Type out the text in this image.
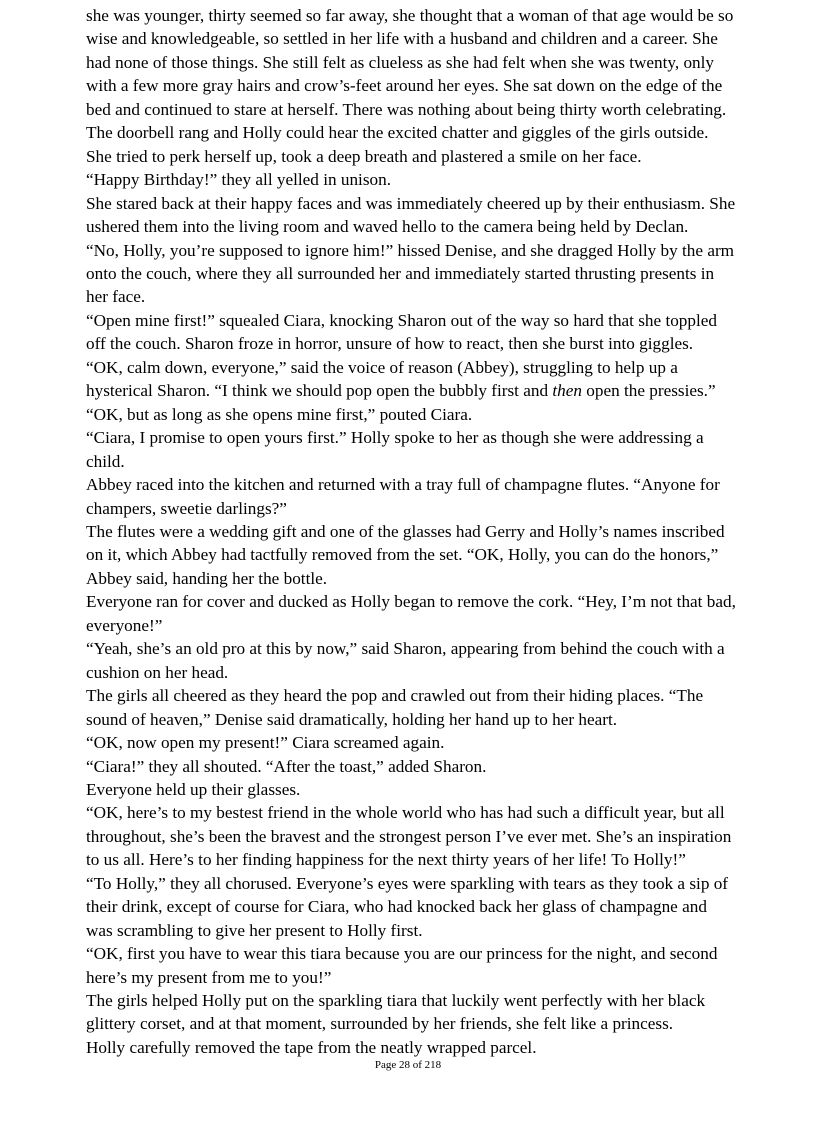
she was younger, thirty seemed so far away, she thought that a woman of that age would be so wise and knowledgeable, so settled in her life with a husband and children and a career. She had none of those things. She still felt as clueless as she had felt when she was twenty, only with a few more gray hairs and crow’s-feet around her eyes. She sat down on the edge of the bed and continued to stare at herself. There was nothing about being thirty worth celebrating.

The doorbell rang and Holly could hear the excited chatter and giggles of the girls outside. She tried to perk herself up, took a deep breath and plastered a smile on her face.

“Happy Birthday!” they all yelled in unison.

She stared back at their happy faces and was immediately cheered up by their enthusiasm. She ushered them into the living room and waved hello to the camera being held by Declan.

“No, Holly, you’re supposed to ignore him!” hissed Denise, and she dragged Holly by the arm onto the couch, where they all surrounded her and immediately started thrusting presents in her face.

“Open mine first!” squealed Ciara, knocking Sharon out of the way so hard that she toppled off the couch. Sharon froze in horror, unsure of how to react, then she burst into giggles.

“OK, calm down, everyone,” said the voice of reason (Abbey), struggling to help up a hysterical Sharon. “I think we should pop open the bubbly first and then open the pressies.”

“OK, but as long as she opens mine first,” pouted Ciara.

“Ciara, I promise to open yours first.” Holly spoke to her as though she were addressing a child.

Abbey raced into the kitchen and returned with a tray full of champagne flutes. “Anyone for champers, sweetie darlings?”

The flutes were a wedding gift and one of the glasses had Gerry and Holly’s names inscribed on it, which Abbey had tactfully removed from the set. “OK, Holly, you can do the honors,” Abbey said, handing her the bottle.

Everyone ran for cover and ducked as Holly began to remove the cork. “Hey, I’m not that bad, everyone!”

“Yeah, she’s an old pro at this by now,” said Sharon, appearing from behind the couch with a cushion on her head.

The girls all cheered as they heard the pop and crawled out from their hiding places. “The sound of heaven,” Denise said dramatically, holding her hand up to her heart.

“OK, now open my present!” Ciara screamed again.

“Ciara!” they all shouted. “After the toast,” added Sharon.

Everyone held up their glasses.

“OK, here’s to my bestest friend in the whole world who has had such a difficult year, but all throughout, she’s been the bravest and the strongest person I’ve ever met. She’s an inspiration to us all. Here’s to her finding happiness for the next thirty years of her life! To Holly!”

“To Holly,” they all chorused. Everyone’s eyes were sparkling with tears as they took a sip of their drink, except of course for Ciara, who had knocked back her glass of champagne and was scrambling to give her present to Holly first.

“OK, first you have to wear this tiara because you are our princess for the night, and second here’s my present from me to you!”

The girls helped Holly put on the sparkling tiara that luckily went perfectly with her black glittery corset, and at that moment, surrounded by her friends, she felt like a princess.

Holly carefully removed the tape from the neatly wrapped parcel.

Page 28 of 218
